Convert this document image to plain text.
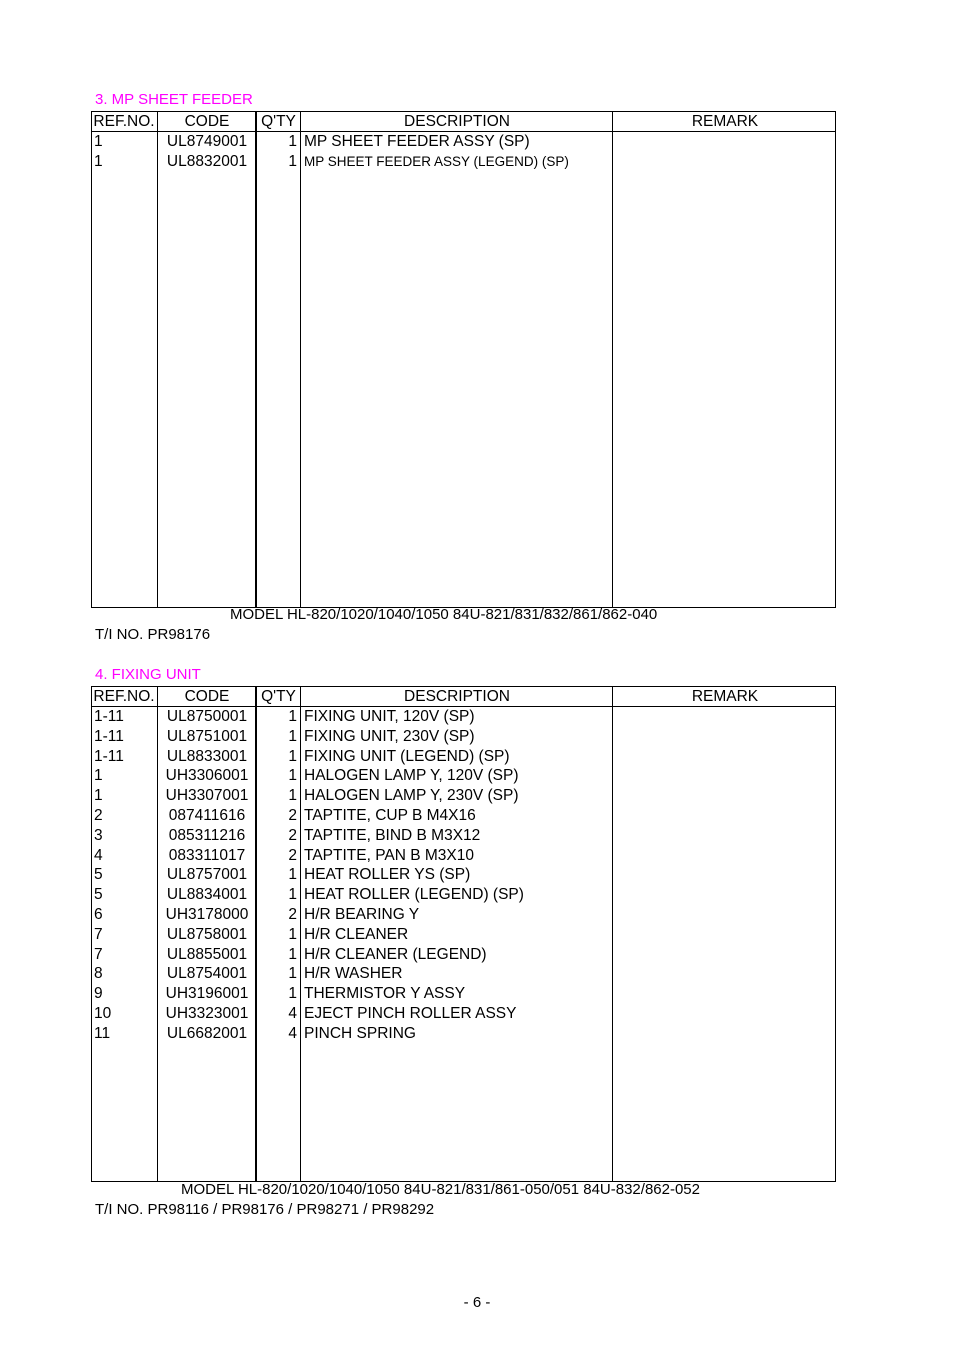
3. MP SHEET FEEDER
REF.NO.	CODE	Q'TY	DESCRIPTION	REMARK
1	UL8749001	1 MP SHEET FEEDER ASSY (SP)
1	UL8832001	1 MP SHEET FEEDER ASSY (LEGEND) (SP)
MODEL HL-820/1020/1040/1050 84U-821/831/832/861/862-040
T/I NO. PR98176
4. FIXING UNIT
REF.NO.	CODE	Q'TY	DESCRIPTION	REMARK
1-11	UL8750001	1 FIXING UNIT, 120V (SP)
1-11	UL8751001	1 FIXING UNIT, 230V (SP)
1-11	UL8833001	1 FIXING UNIT (LEGEND) (SP)
1	UH3306001	1 HALOGEN LAMP Y, 120V (SP)
1	UH3307001	1 HALOGEN LAMP Y, 230V (SP)
2	087411616	2 TAPTITE, CUP B M4X16
3	085311216	2 TAPTITE, BIND B M3X12
4	083311017	2 TAPTITE, PAN B M3X10
5	UL8757001	1 HEAT ROLLER YS (SP)
5	UL8834001	1 HEAT ROLLER (LEGEND) (SP)
6	UH3178000	2 H/R BEARING Y
7	UL8758001	1 H/R CLEANER
7	UL8855001	1 H/R CLEANER (LEGEND)
8	UL8754001	1 H/R WASHER
9	UH3196001	1 THERMISTOR Y ASSY
10	UH3323001	4 EJECT PINCH ROLLER ASSY
11	UL6682001	4 PINCH SPRING
MODEL HL-820/1020/1040/1050 84U-821/831/861-050/051 84U-832/862-052
T/I NO. PR98116 / PR98176 / PR98271 / PR98292
- 6 -
